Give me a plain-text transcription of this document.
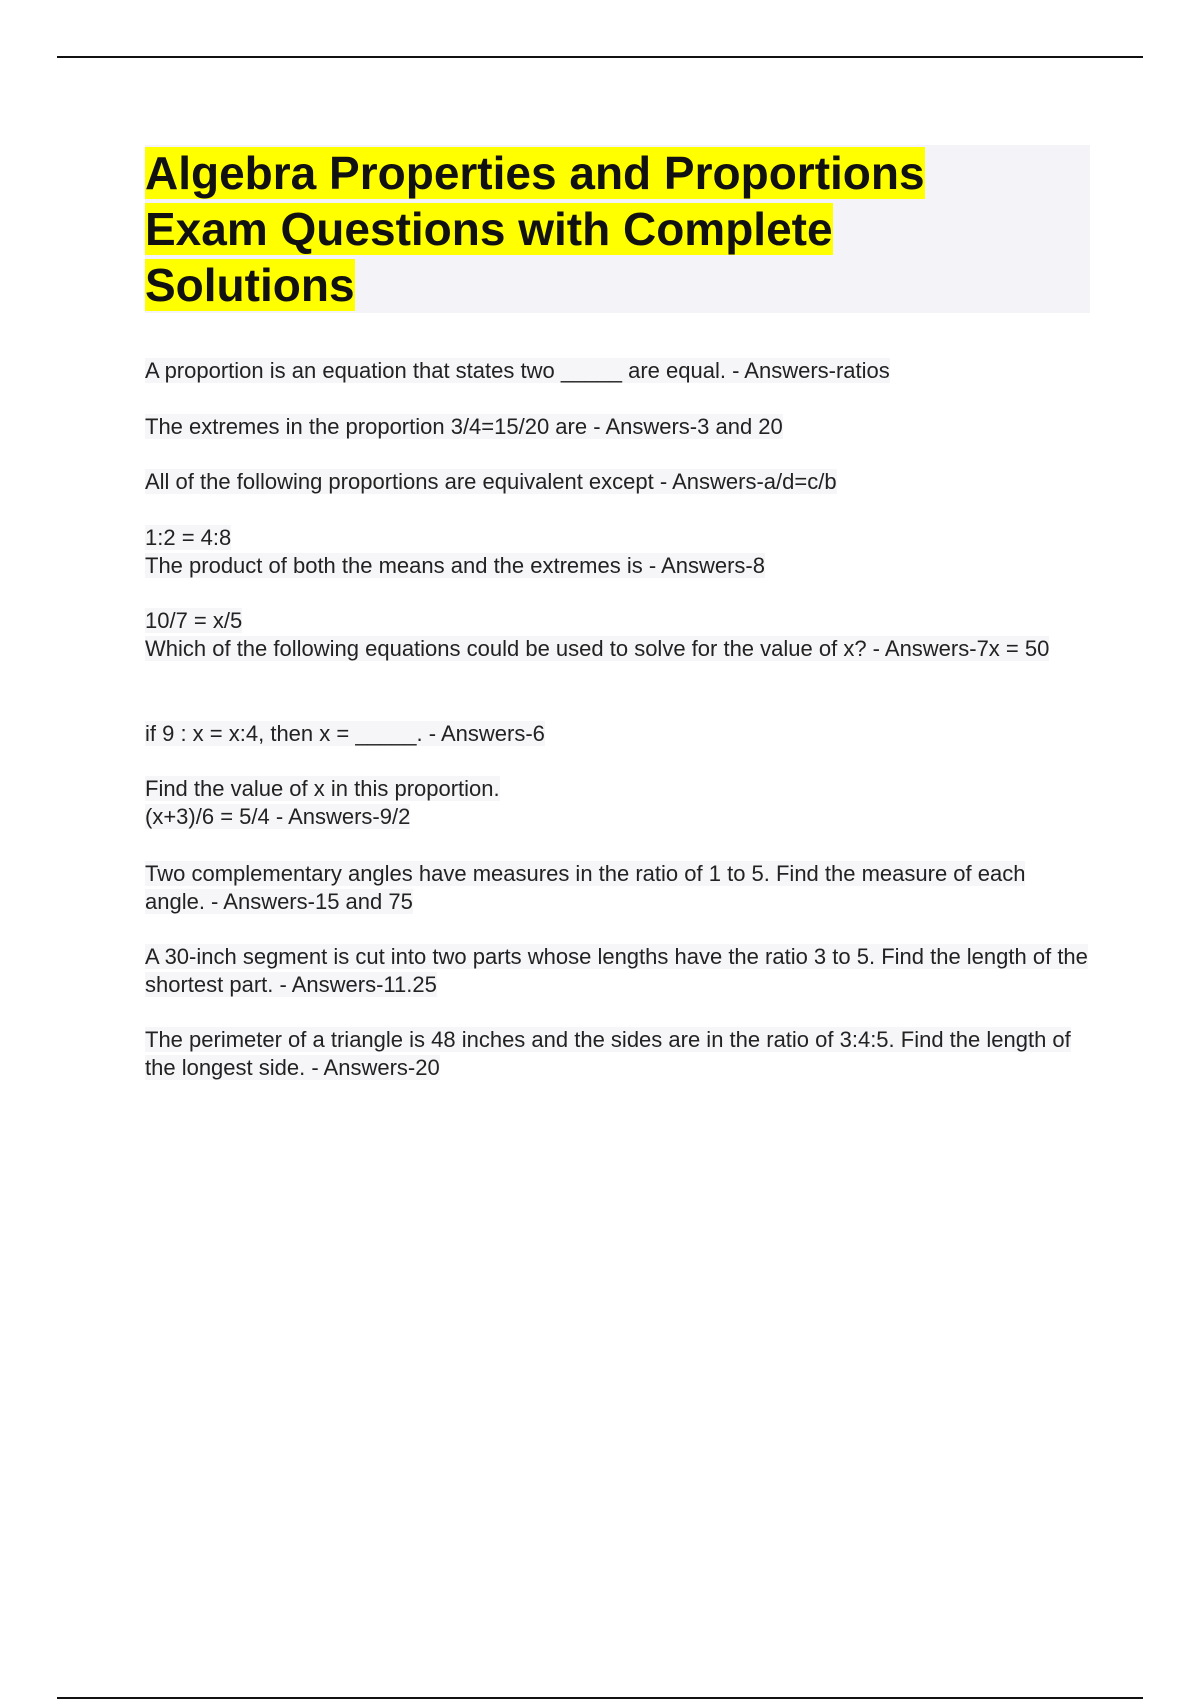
Algebra Properties and Proportions Exam Questions with Complete Solutions
A proportion is an equation that states two _____ are equal. - Answers-ratios
The extremes in the proportion 3/4=15/20 are - Answers-3 and 20
All of the following proportions are equivalent except - Answers-a/d=c/b
1:2 = 4:8
The product of both the means and the extremes is - Answers-8
10/7 = x/5
Which of the following equations could be used to solve for the value of x? - Answers-7x = 50
if 9 : x = x:4, then x = _____. - Answers-6
Find the value of x in this proportion.
(x+3)/6 = 5/4 - Answers-9/2
Two complementary angles have measures in the ratio of 1 to 5. Find the measure of each angle. - Answers-15 and 75
A 30-inch segment is cut into two parts whose lengths have the ratio 3 to 5. Find the length of the shortest part. - Answers-11.25
The perimeter of a triangle is 48 inches and the sides are in the ratio of 3:4:5. Find the length of the longest side. - Answers-20
